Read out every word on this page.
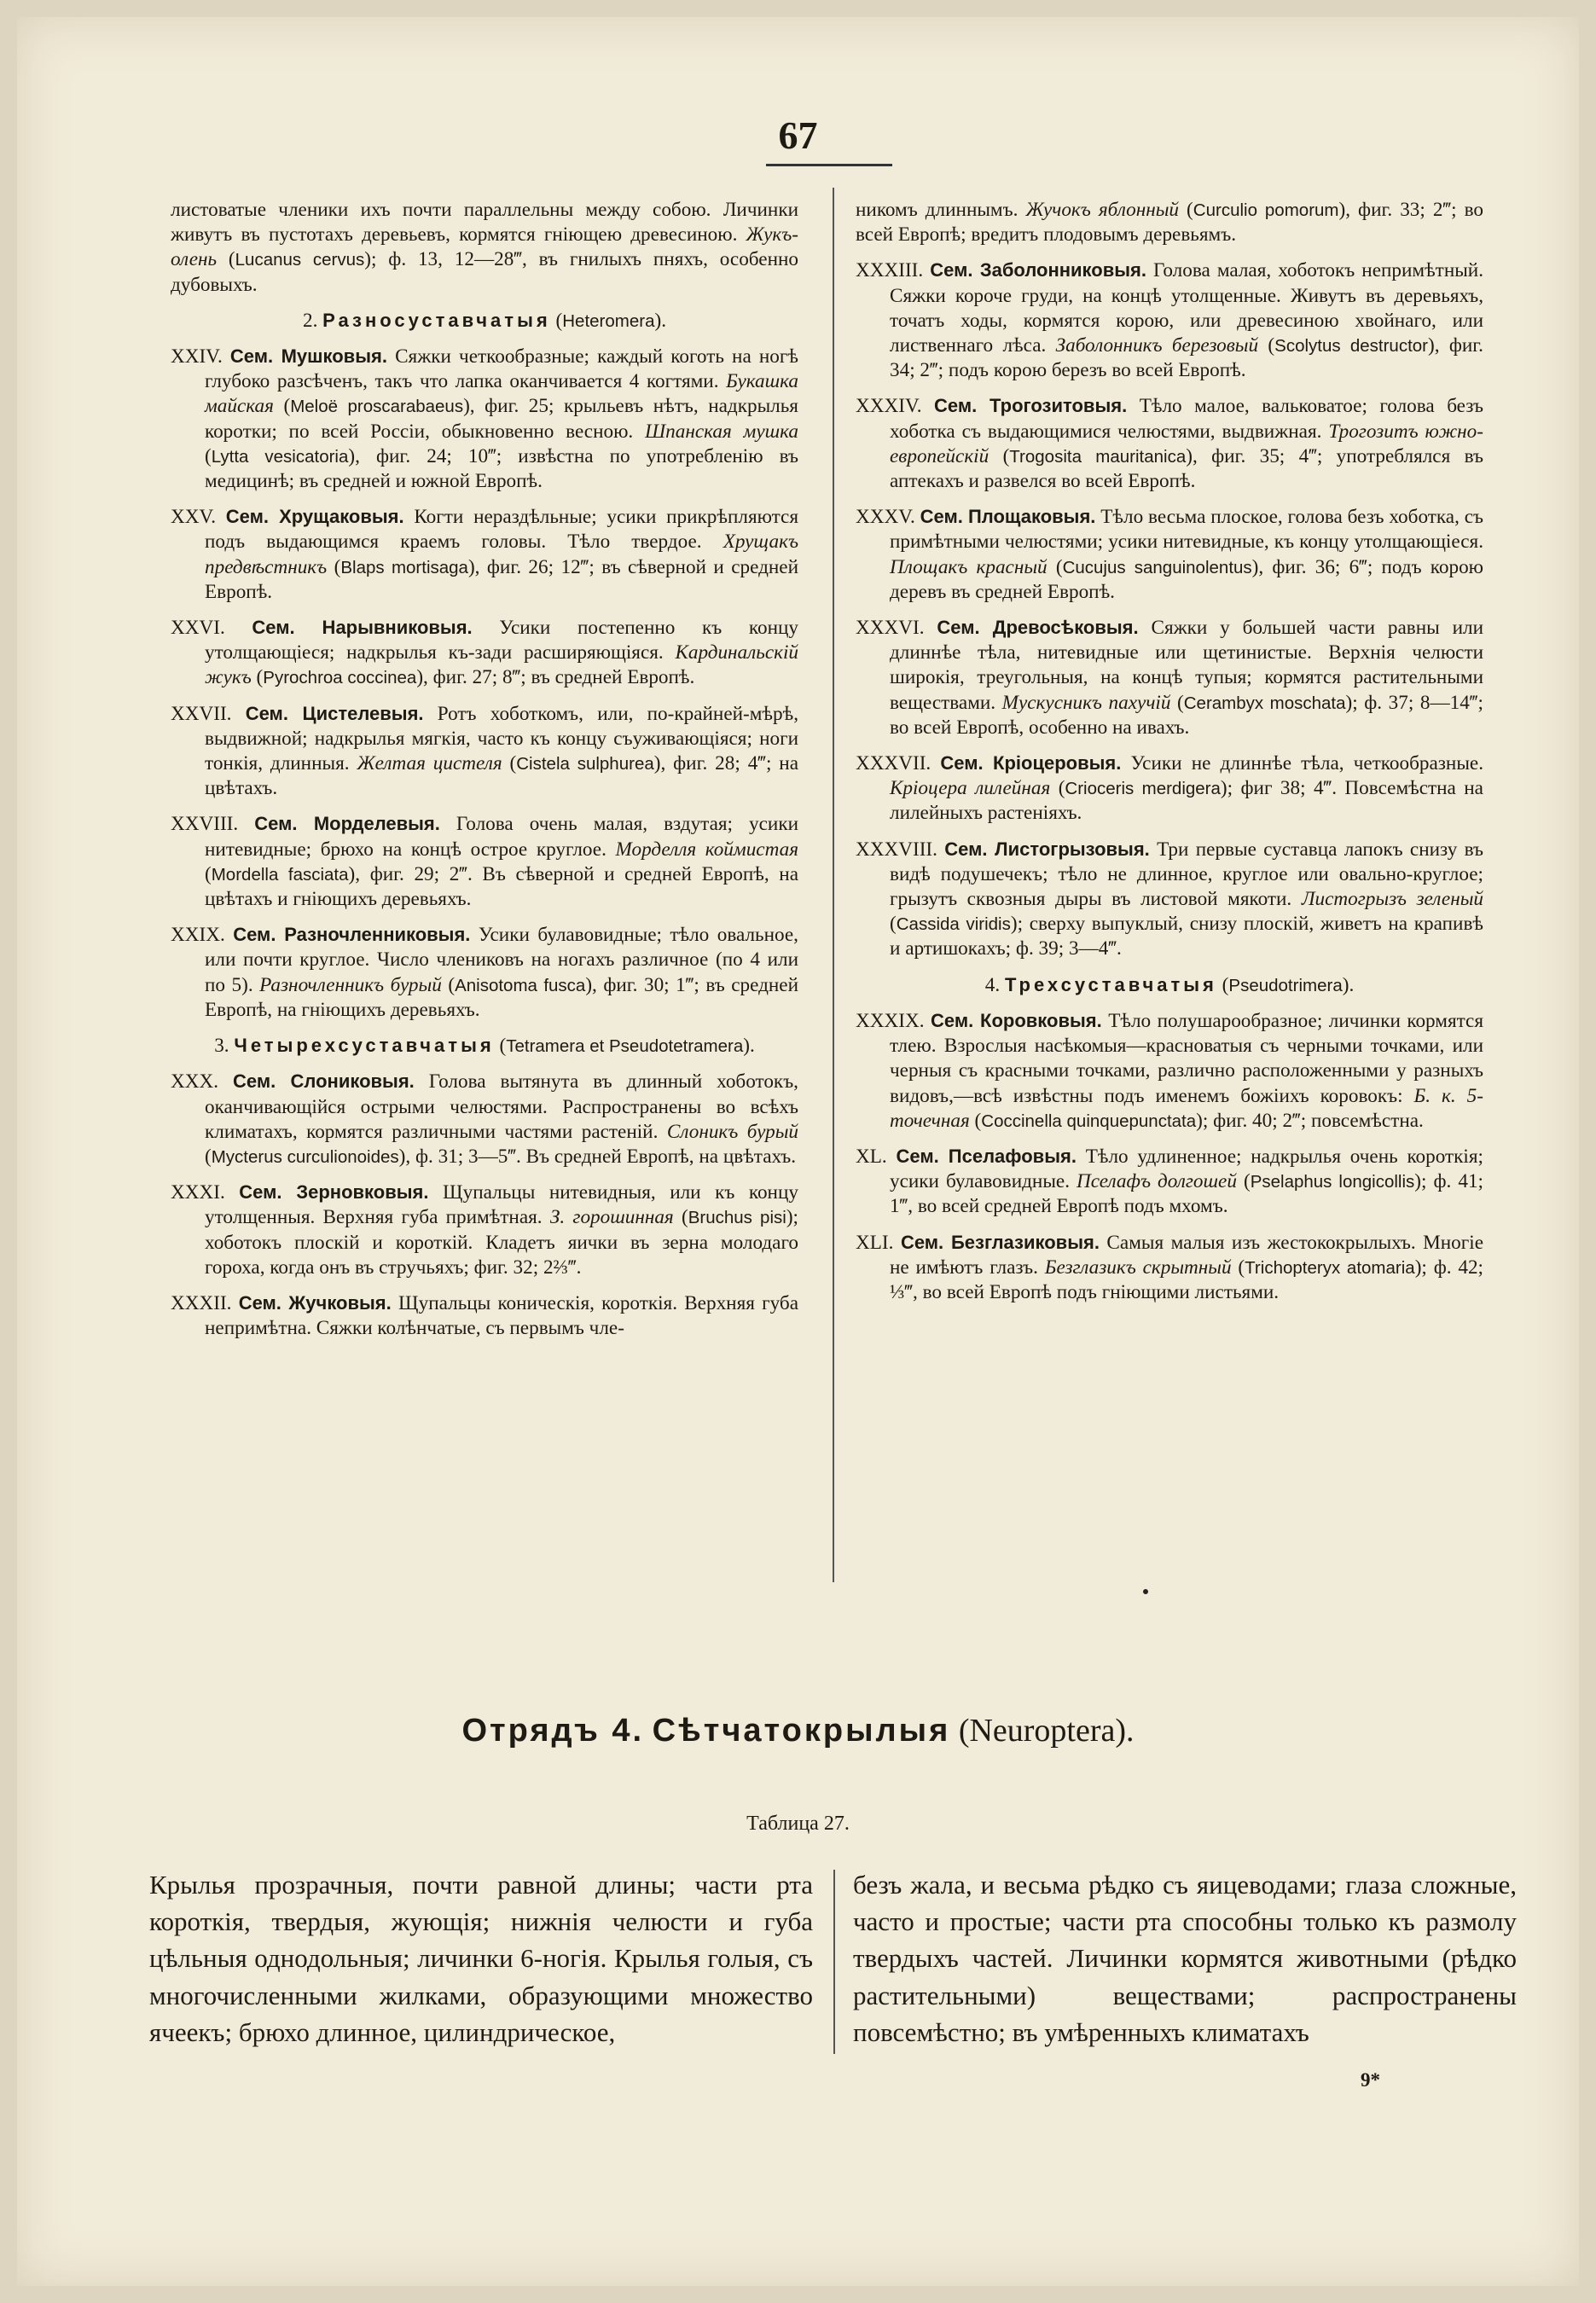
67

листоватые членики ихъ почти параллельны между собою. Личинки живутъ въ пустотахъ деревьевъ, кормятся гніющею древесиною. Жукъ-олень (Lucanus cervus); ф. 13, 12—28‴, въ гнилыхъ пняхъ, особенно дубовыхъ.

2. Разносуставчатыя (Heteromera).

XXIV. Сем. Мушковыя. Сяжки четкообразные; каждый коготь на ногѣ глубоко разсѣченъ, такъ что лапка оканчивается 4 когтями. Букашка майская (Meloë proscarabaeus), фиг. 25; крыльевъ нѣтъ, надкрылья коротки; по всей Россіи, обыкновенно весною. Шпанская мушка (Lytta vesicatoria), фиг. 24; 10‴; извѣстна по употребленію въ медицинѣ; въ средней и южной Европѣ.

XXV. Сем. Хрущаковыя. Когти нераздѣльные; усики прикрѣпляются подъ выдающимся краемъ головы. Тѣло твердое. Хрущакъ предвѣстникъ (Blaps mortisaga), фиг. 26; 12‴; въ сѣверной и средней Европѣ.

XXVI. Сем. Нарывниковыя. Усики постепенно къ концу утолщающіеся; надкрылья къ-зади расширяющіяся. Кардинальскій жукъ (Pyrochroa coccinea), фиг. 27; 8‴; въ средней Европѣ.

XXVII. Сем. Цистелевыя. Ротъ хоботкомъ, или, по-крайней-мѣрѣ, выдвижной; надкрылья мягкія, часто къ концу съуживающіяся; ноги тонкія, длинныя. Желтая цистеля (Cistela sulphurea), фиг. 28; 4‴; на цвѣтахъ.

XXVIII. Сем. Морделевыя. Голова очень малая, вздутая; усики нитевидные; брюхо на концѣ острое круглое. Морделля коймистая (Mordella fasciata), фиг. 29; 2‴. Въ сѣверной и средней Европѣ, на цвѣтахъ и гніющихъ деревьяхъ.

XXIX. Сем. Разночленниковыя. Усики булавовидные; тѣло овальное, или почти круглое. Число члениковъ на ногахъ различное (по 4 или по 5). Разночленникъ бурый (Anisotoma fusca), фиг. 30; 1‴; въ средней Европѣ, на гніющихъ деревьяхъ.

3. Четырехсуставчатыя (Tetramera et Pseudotetramera).

XXX. Сем. Слониковыя. Голова вытянута въ длинный хоботокъ, оканчивающійся острыми челюстями. Распространены во всѣхъ климатахъ, кормятся различными частями растеній. Слоникъ бурый (Mycterus curculionoides), ф. 31; 3—5‴. Въ средней Европѣ, на цвѣтахъ.

XXXI. Сем. Зерновковыя. Щупальцы нитевидныя, или къ концу утолщенныя. Верхняя губа примѣтная. З. горошинная (Bruchus pisi); хоботокъ плоскій и короткій. Кладетъ яички въ зерна молодаго гороха, когда онъ въ стручьяхъ; фиг. 32; 2⅔‴.

XXXII. Сем. Жучковыя. Щупальцы коническія, короткія. Верхняя губа непримѣтна. Сяжки колѣнчатые, съ первымъ чле-

никомъ длиннымъ. Жучокъ яблонный (Curculio pomorum), фиг. 33; 2‴; во всей Европѣ; вредитъ плодовымъ деревьямъ.

XXXIII. Сем. Заболонниковыя. Голова малая, хоботокъ непримѣтный. Сяжки короче груди, на концѣ утолщенные. Живутъ въ деревьяхъ, точатъ ходы, кормятся корою, или древесиною хвойнаго, или лиственнаго лѣса. Заболонникъ березовый (Scolytus destructor), фиг. 34; 2‴; подъ корою березъ во всей Европѣ.

XXXIV. Сем. Трогозитовыя. Тѣло малое, вальковатое; голова безъ хоботка съ выдающимися челюстями, выдвижная. Трогозитъ южно-европейскій (Trogosita mauritanica), фиг. 35; 4‴; употреблялся въ аптекахъ и развелся во всей Европѣ.

XXXV. Сем. Площаковыя. Тѣло весьма плоское, голова безъ хоботка, съ примѣтными челюстями; усики нитевидные, къ концу утолщающіеся. Площакъ красный (Cucujus sanguinolentus), фиг. 36; 6‴; подъ корою деревъ въ средней Европѣ.

XXXVI. Сем. Древосѣковыя. Сяжки у большей части равны или длиннѣе тѣла, нитевидные или щетинистые. Верхнія челюсти широкія, треугольныя, на концѣ тупыя; кормятся растительными веществами. Мускусникъ пахучій (Cerambyx moschata); ф. 37; 8—14‴; во всей Европѣ, особенно на ивахъ.

XXXVII. Сем. Кріоцеровыя. Усики не длиннѣе тѣла, четкообразные. Кріоцера лилейная (Crioceris merdigera); фиг 38; 4‴. Повсемѣстна на лилейныхъ растеніяхъ.

XXXVIII. Сем. Листогрызовыя. Три первые суставца лапокъ снизу въ видѣ подушечекъ; тѣло не длинное, круглое или овально-круглое; грызутъ сквозныя дыры въ листовой мякоти. Листогрызъ зеленый (Cassida viridis); сверху выпуклый, снизу плоскій, живетъ на крапивѣ и артишокахъ; ф. 39; 3—4‴.

4. Трехсуставчатыя (Pseudotrimera).

XXXIX. Сем. Коровковыя. Тѣло полушарообразное; личинки кормятся тлею. Взрослыя насѣкомыя—красноватыя съ черными точками, или черныя съ красными точками, различно расположенными у разныхъ видовъ,—всѣ извѣстны подъ именемъ божіихъ коровокъ: Б. к. 5-точечная (Coccinella quinquepunctata); фиг. 40; 2‴; повсемѣстна.

XL. Сем. Пселафовыя. Тѣло удлиненное; надкрылья очень короткія; усики булавовидные. Пселафъ долгошей (Pselaphus longicollis); ф. 41; 1‴, во всей средней Европѣ подъ мхомъ.

XLI. Сем. Безглазиковыя. Самыя малыя изъ жестококрылыхъ. Многіе не имѣютъ глазъ. Безглазикъ скрытный (Trichopteryx atomaria); ф. 42; ⅓‴, во всей Европѣ подъ гніющими листьями.

Отрядъ 4. Сѣтчатокрылыя (Neuroptera).
Таблица 27.
Крылья прозрачныя, почти равной длины; части рта короткія, твердыя, жующія; нижнія челюсти и губа цѣльныя однодольныя; личинки 6-ногія. Крылья голыя, съ многочисленными жилками, образующими множество ячеекъ; брюхо длинное, цилиндрическое,
безъ жала, и весьма рѣдко съ яицеводами; глаза сложные, часто и простые; части рта способны только къ размолу твердыхъ частей. Личинки кормятся животными (рѣдко растительными) веществами; распространены повсемѣстно; въ умѣренныхъ климатахъ
9*
